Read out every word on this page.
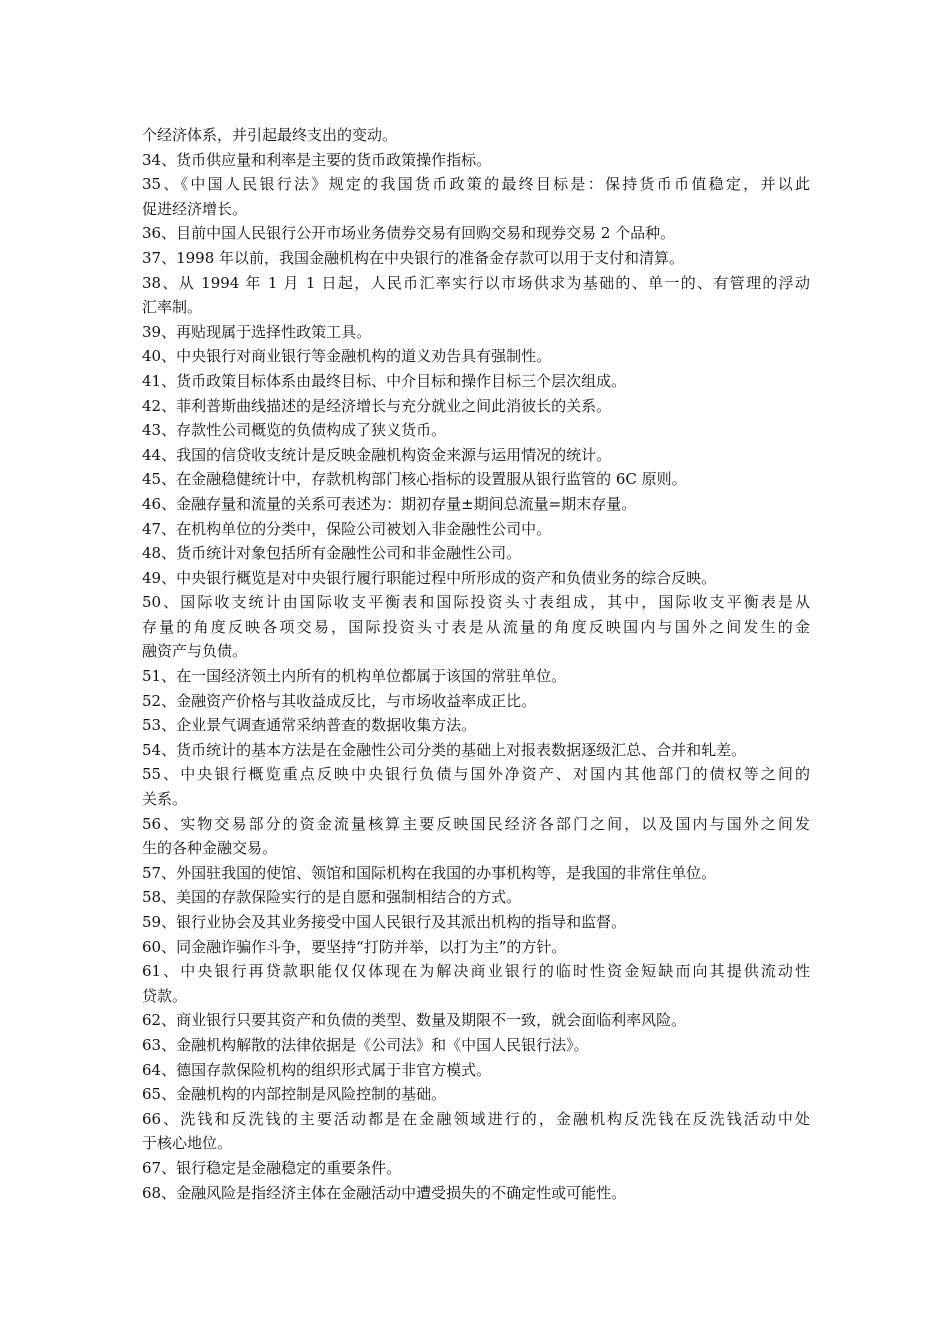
个经济体系，并引起最终支出的变动。
34、货币供应量和利率是主要的货币政策操作指标。
35、《中国人民银行法》规定的我国货币政策的最终目标是：保持货币币值稳定，并以此
促进经济增长。
36、目前中国人民银行公开市场业务债券交易有回购交易和现券交易 2 个品种。
37、1998 年以前，我国金融机构在中央银行的准备金存款可以用于支付和清算。
38、从 1994 年 1 月 1 日起，人民币汇率实行以市场供求为基础的、单一的、有管理的浮动
汇率制。
39、再贴现属于选择性政策工具。
40、中央银行对商业银行等金融机构的道义劝告具有强制性。
41、货币政策目标体系由最终目标、中介目标和操作目标三个层次组成。
42、菲利普斯曲线描述的是经济增长与充分就业之间此消彼长的关系。
43、存款性公司概览的负债构成了狭义货币。
44、我国的信贷收支统计是反映金融机构资金来源与运用情况的统计。
45、在金融稳健统计中，存款机构部门核心指标的设置服从银行监管的 6C 原则。
46、金融存量和流量的关系可表述为：期初存量±期间总流量=期末存量。
47、在机构单位的分类中，保险公司被划入非金融性公司中。
48、货币统计对象包括所有金融性公司和非金融性公司。
49、中央银行概览是对中央银行履行职能过程中所形成的资产和负债业务的综合反映。
50、国际收支统计由国际收支平衡表和国际投资头寸表组成，其中，国际收支平衡表是从
存量的角度反映各项交易，国际投资头寸表是从流量的角度反映国内与国外之间发生的金
融资产与负债。
51、在一国经济领土内所有的机构单位都属于该国的常驻单位。
52、金融资产价格与其收益成反比，与市场收益率成正比。
53、企业景气调查通常采纳普查的数据收集方法。
54、货币统计的基本方法是在金融性公司分类的基础上对报表数据逐级汇总、合并和轧差。
55、中央银行概览重点反映中央银行负债与国外净资产、对国内其他部门的债权等之间的
关系。
56、实物交易部分的资金流量核算主要反映国民经济各部门之间，以及国内与国外之间发
生的各种金融交易。
57、外国驻我国的使馆、领馆和国际机构在我国的办事机构等，是我国的非常住单位。
58、美国的存款保险实行的是自愿和强制相结合的方式。
59、银行业协会及其业务接受中国人民银行及其派出机构的指导和监督。
60、同金融诈骗作斗争，要坚持“打防并举，以打为主”的方针。
61、中央银行再贷款职能仅仅体现在为解决商业银行的临时性资金短缺而向其提供流动性
贷款。
62、商业银行只要其资产和负债的类型、数量及期限不一致，就会面临利率风险。
63、金融机构解散的法律依据是《公司法》和《中国人民银行法》。
64、德国存款保险机构的组织形式属于非官方模式。
65、金融机构的内部控制是风险控制的基础。
66、洗钱和反洗钱的主要活动都是在金融领域进行的，金融机构反洗钱在反洗钱活动中处
于核心地位。
67、银行稳定是金融稳定的重要条件。
68、金融风险是指经济主体在金融活动中遭受损失的不确定性或可能性。
